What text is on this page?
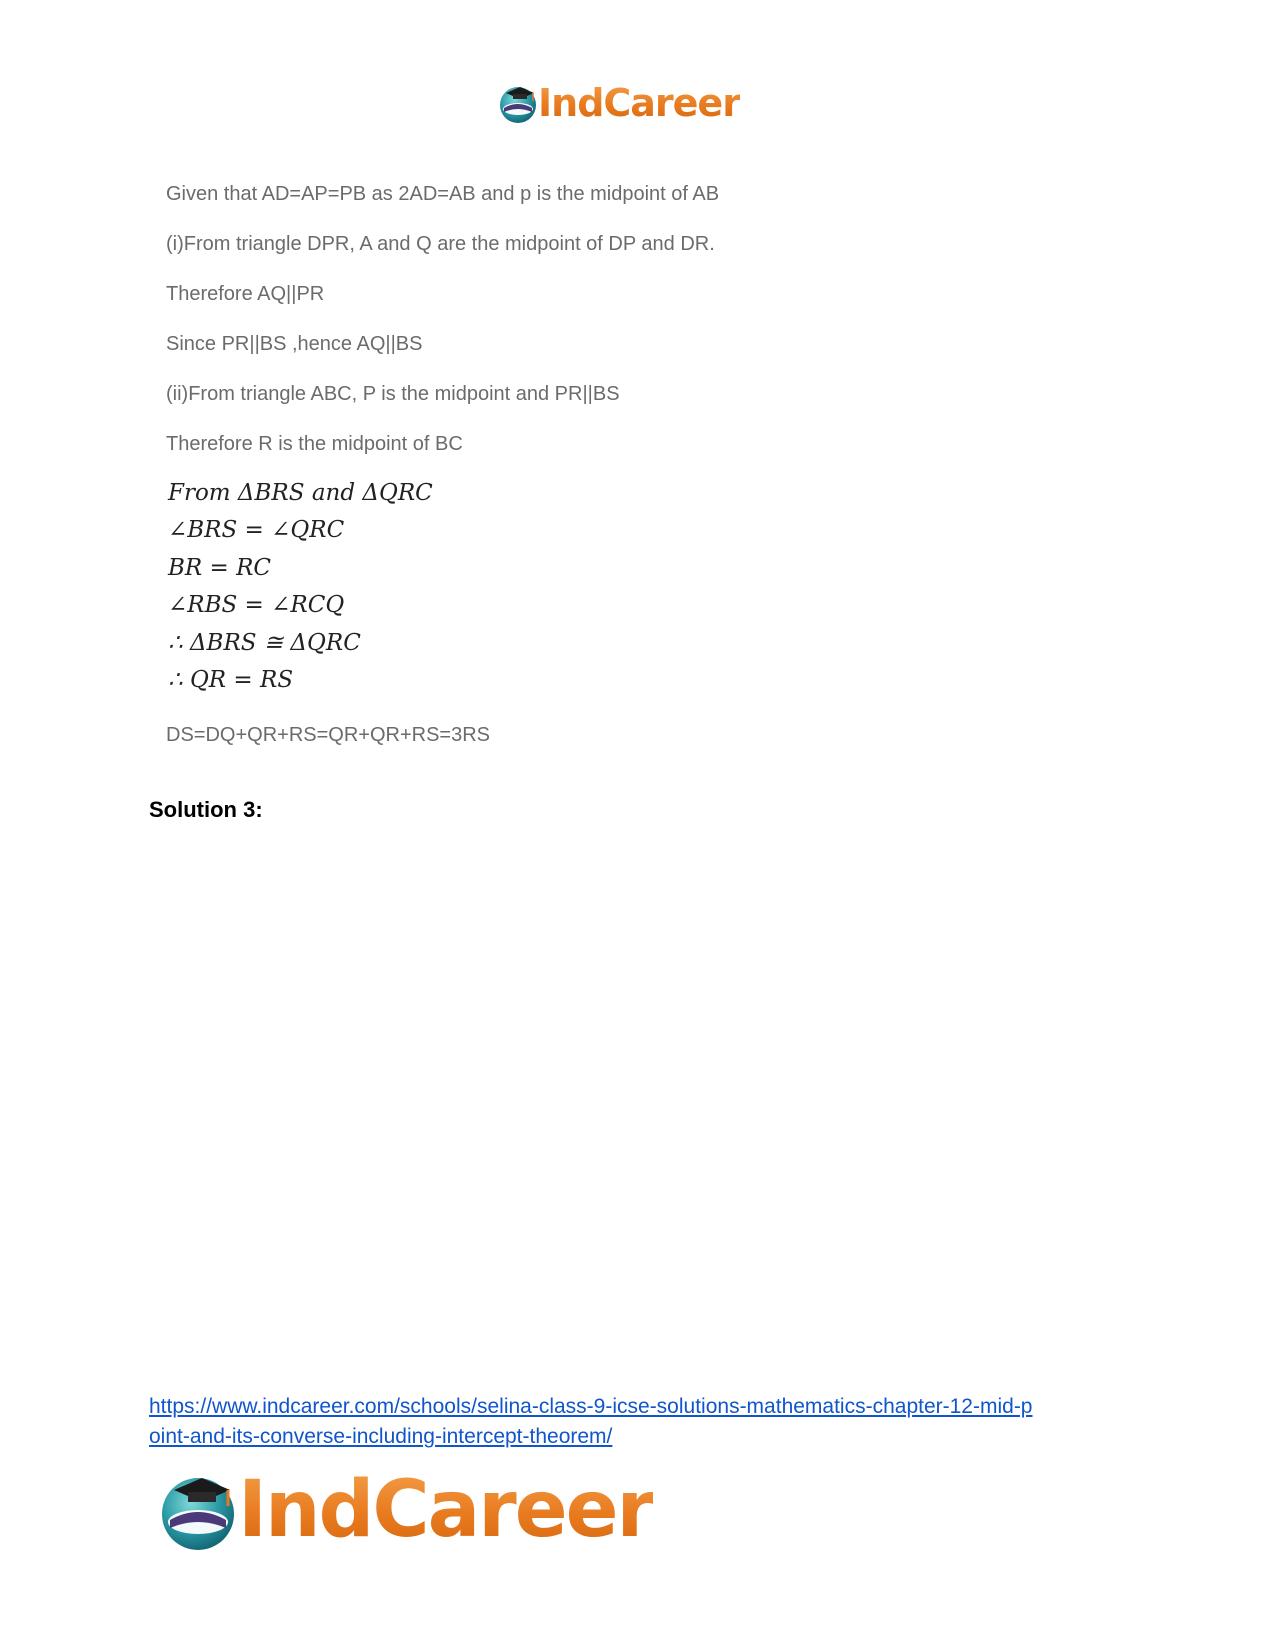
IndCareer
Given that AD=AP=PB as 2AD=AB and p is the midpoint of AB
(i)From triangle DPR, A and Q are the midpoint of DP and DR.
Therefore AQ||PR
Since PR||BS ,hence AQ||BS
(ii)From triangle ABC, P is the midpoint and PR||BS
Therefore R is the midpoint of BC
From ΔBRS and ΔQRC
∠BRS = ∠QRC
BR = RC
∠RBS = ∠RCQ
∴ ΔBRS ≅ ΔQRC
∴ QR = RS
DS=DQ+QR+RS=QR+QR+RS=3RS
Solution 3:
https://www.indcareer.com/schools/selina-class-9-icse-solutions-mathematics-chapter-12-mid-p
oint-and-its-converse-including-intercept-theorem/
IndCareer
